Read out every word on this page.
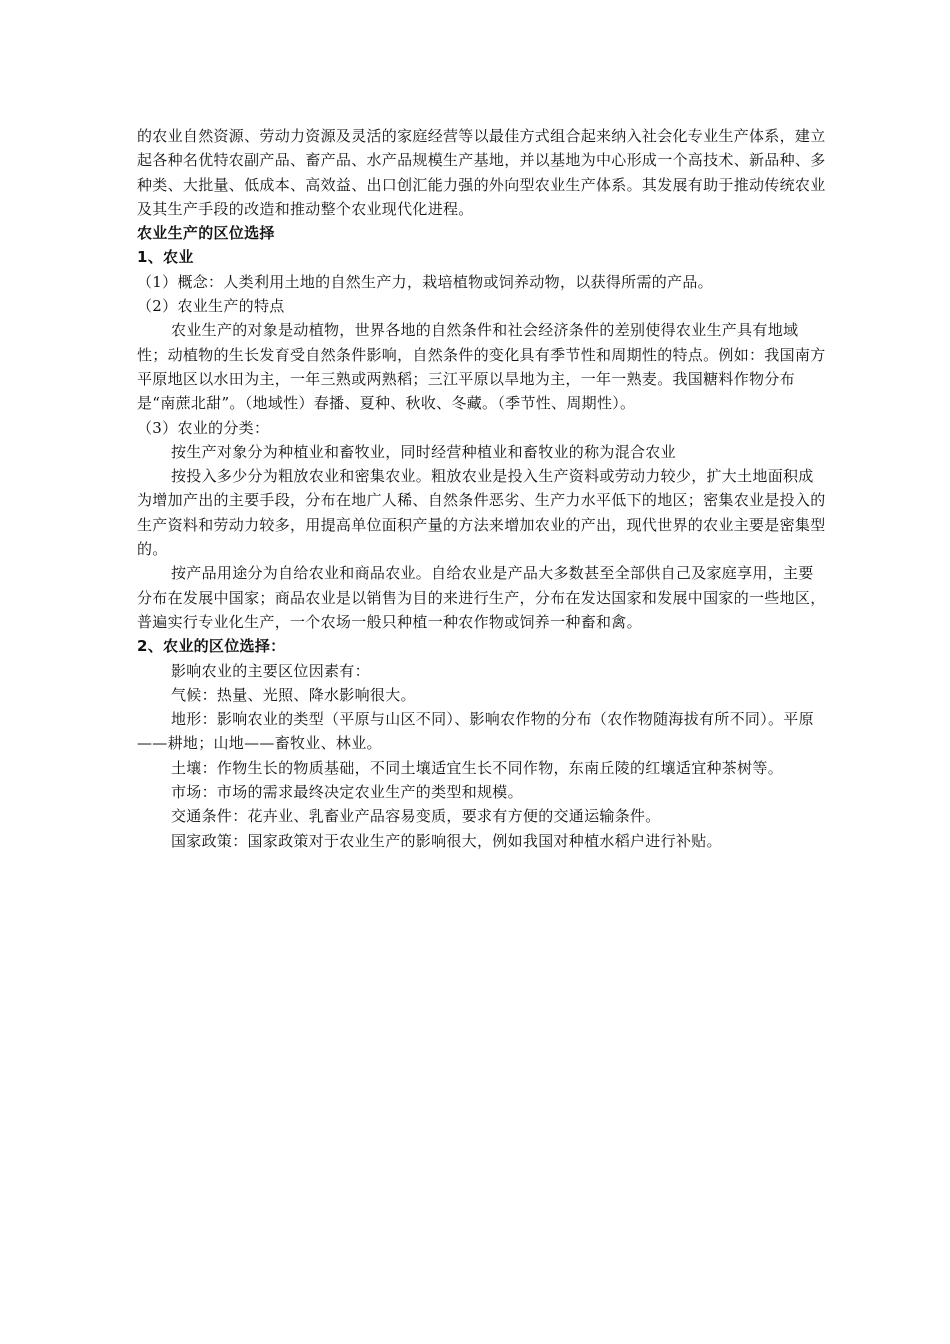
的农业自然资源、劳动力资源及灵活的家庭经营等以最佳方式组合起来纳入社会化专业生产体系，建立起各种名优特农副产品、畜产品、水产品规模生产基地，并以基地为中心形成一个高技术、新品种、多种类、大批量、低成本、高效益、出口创汇能力强的外向型农业生产体系。其发展有助于推动传统农业及其生产手段的改造和推动整个农业现代化进程。

农业生产的区位选择

1、农业

（1）概念：人类利用土地的自然生产力，栽培植物或饲养动物，以获得所需的产品。

（2）农业生产的特点

农业生产的对象是动植物，世界各地的自然条件和社会经济条件的差别使得农业生产具有地域性；动植物的生长发育受自然条件影响，自然条件的变化具有季节性和周期性的特点。例如：我国南方平原地区以水田为主，一年三熟或两熟稻；三江平原以旱地为主，一年一熟麦。我国糖料作物分布是“南蔗北甜”。（地域性）春播、夏种、秋收、冬藏。（季节性、周期性）。

（3）农业的分类：

按生产对象分为种植业和畜牧业，同时经营种植业和畜牧业的称为混合农业

按投入多少分为粗放农业和密集农业。粗放农业是投入生产资料或劳动力较少，扩大土地面积成为增加产出的主要手段，分布在地广人稀、自然条件恶劣、生产力水平低下的地区；密集农业是投入的生产资料和劳动力较多，用提高单位面积产量的方法来增加农业的产出，现代世界的农业主要是密集型的。

按产品用途分为自给农业和商品农业。自给农业是产品大多数甚至全部供自己及家庭享用，主要分布在发展中国家；商品农业是以销售为目的来进行生产，分布在发达国家和发展中国家的一些地区，普遍实行专业化生产，一个农场一般只种植一种农作物或饲养一种畜和禽。

2、农业的区位选择：

影响农业的主要区位因素有：

气候：热量、光照、降水影响很大。

地形：影响农业的类型（平原与山区不同）、影响农作物的分布（农作物随海拔有所不同）。平原——耕地；山地——畜牧业、林业。

土壤：作物生长的物质基础，不同土壤适宜生长不同作物，东南丘陵的红壤适宜种茶树等。

市场：市场的需求最终决定农业生产的类型和规模。

交通条件：花卉业、乳畜业产品容易变质，要求有方便的交通运输条件。

国家政策：国家政策对于农业生产的影响很大，例如我国对种植水稻户进行补贴。
